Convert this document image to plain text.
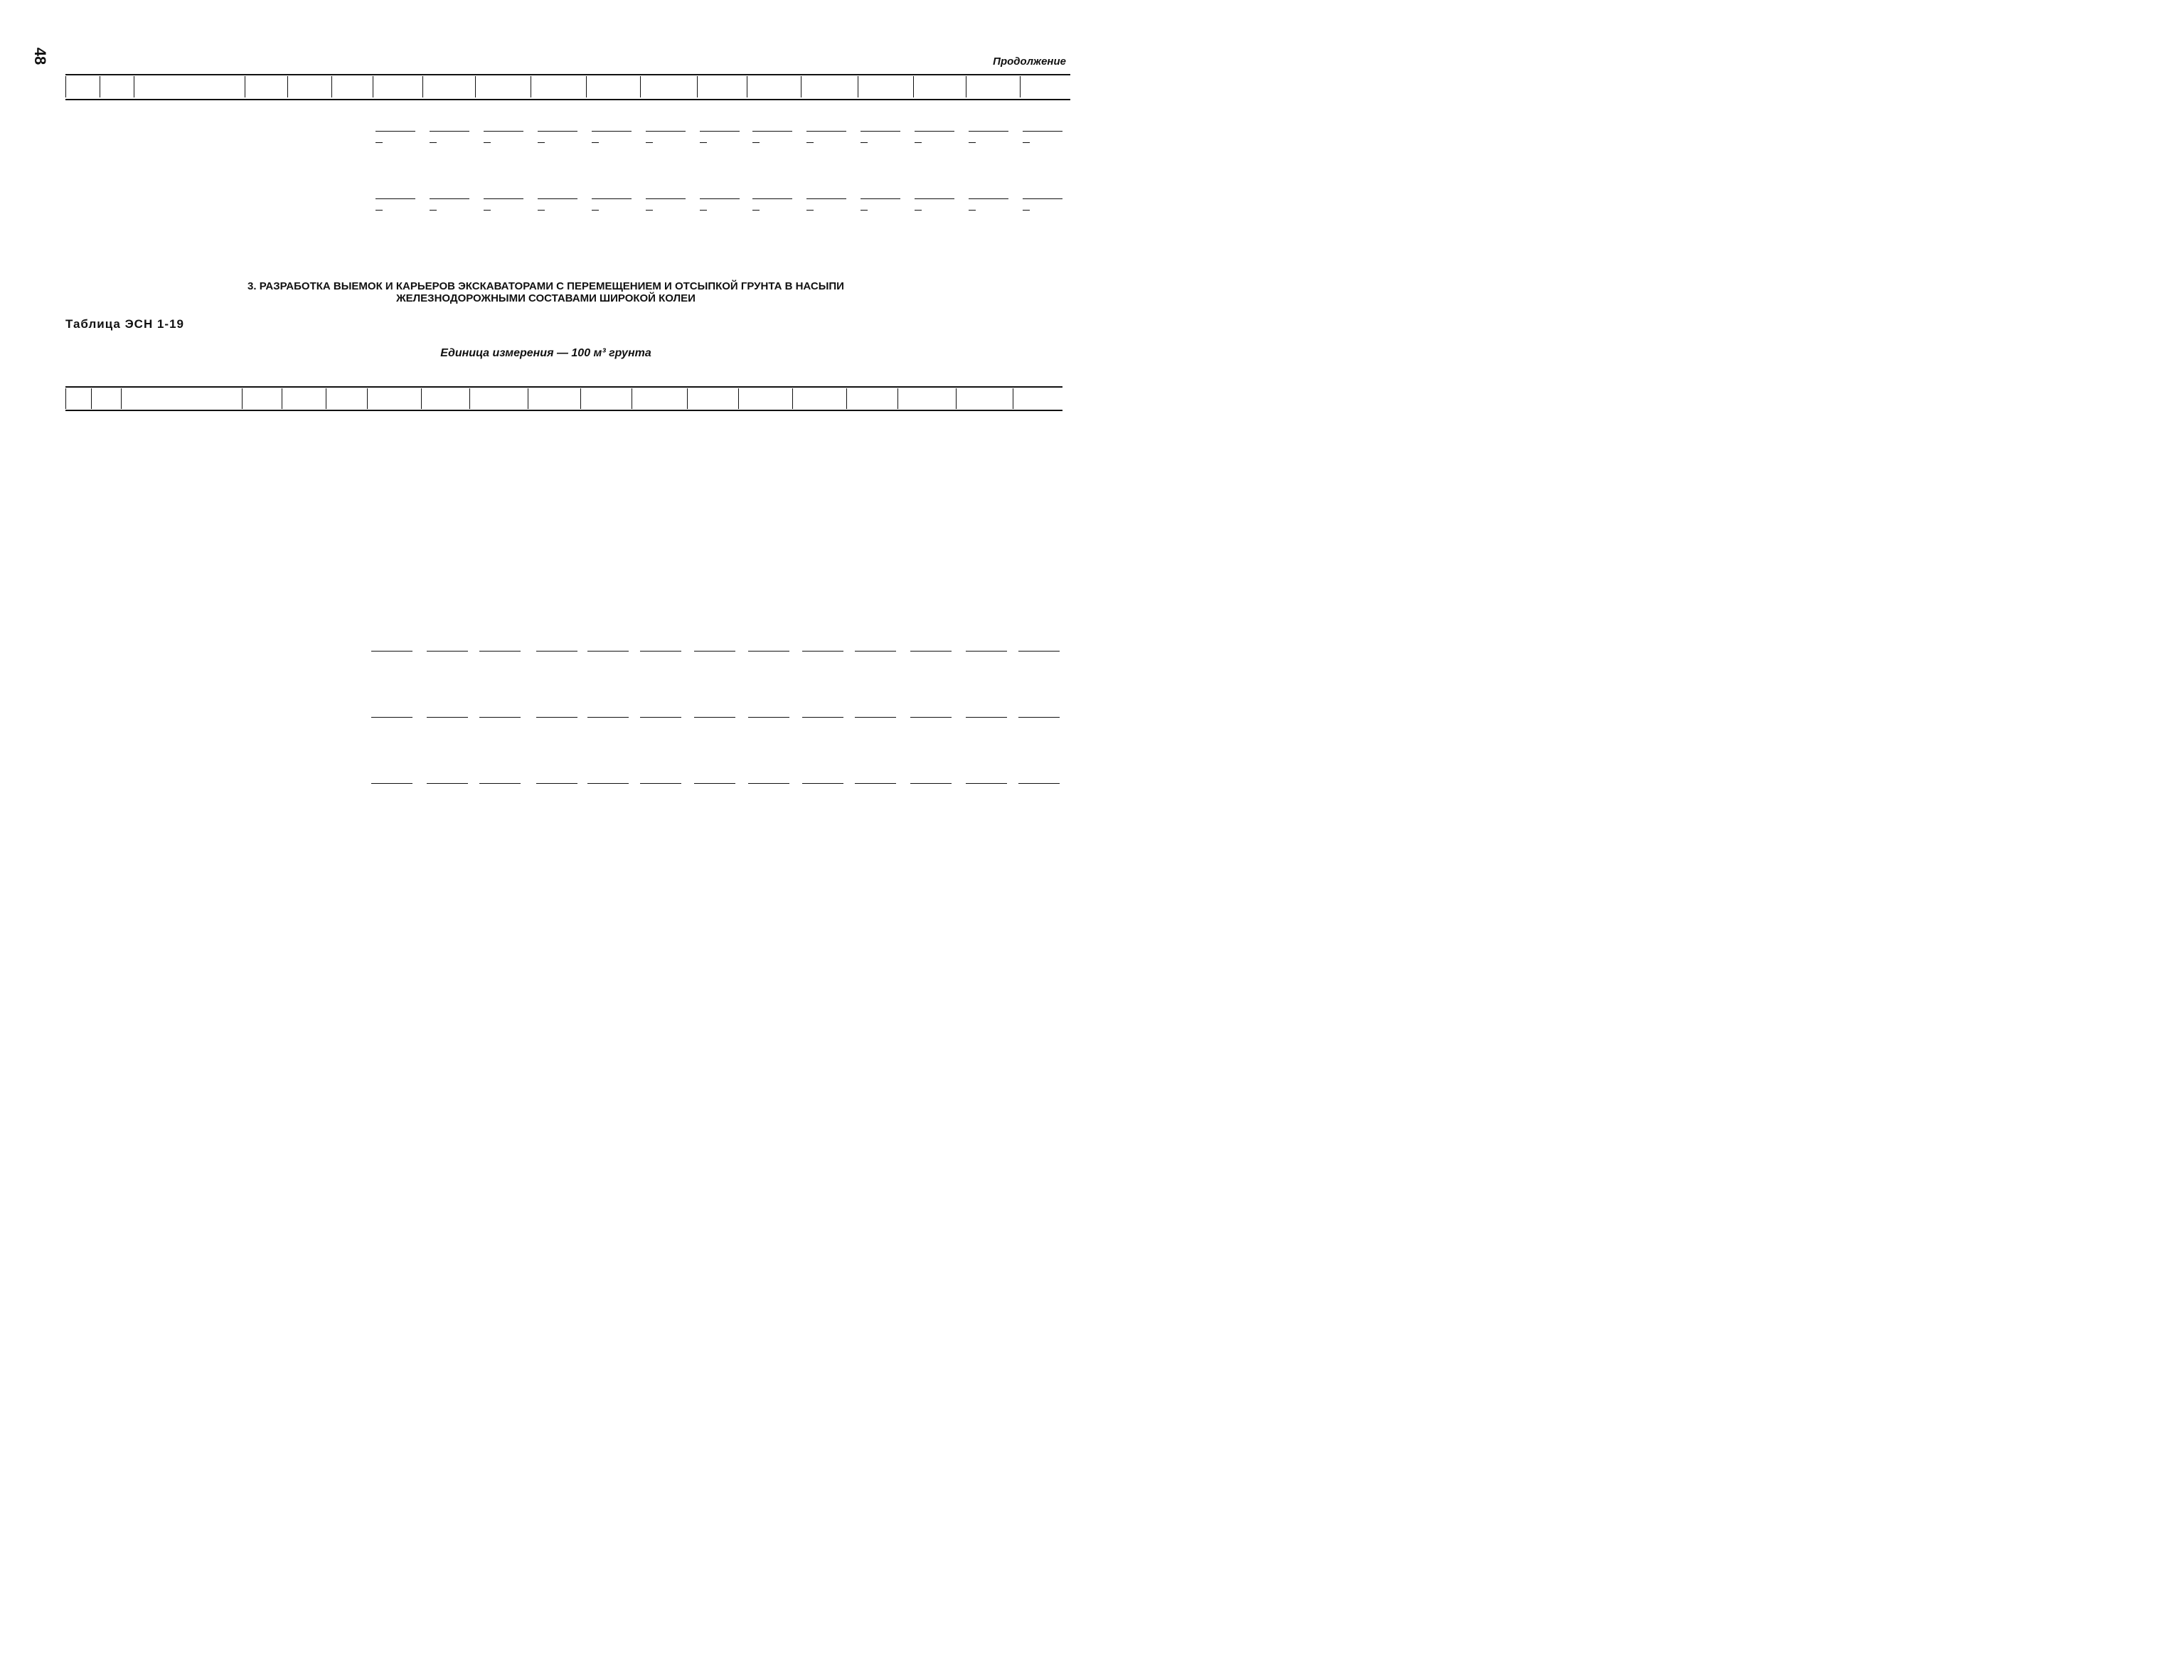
48	Продолжение
3. РАЗРАБОТКА ВЫЕМОК И КАРЬЕРОВ ЭКСКАВАТОРАМИ С ПЕРЕМЕЩЕНИЕМ И ОТСЫПКОЙ ГРУНТА В НАСЫПИ
ЖЕЛЕЗНОДОРОЖНЫМИ СОСТАВАМИ ШИРОКОЙ КОЛЕИ
Таблица ЭСН 1-19
Единица измерения — 100 м³ грунта
